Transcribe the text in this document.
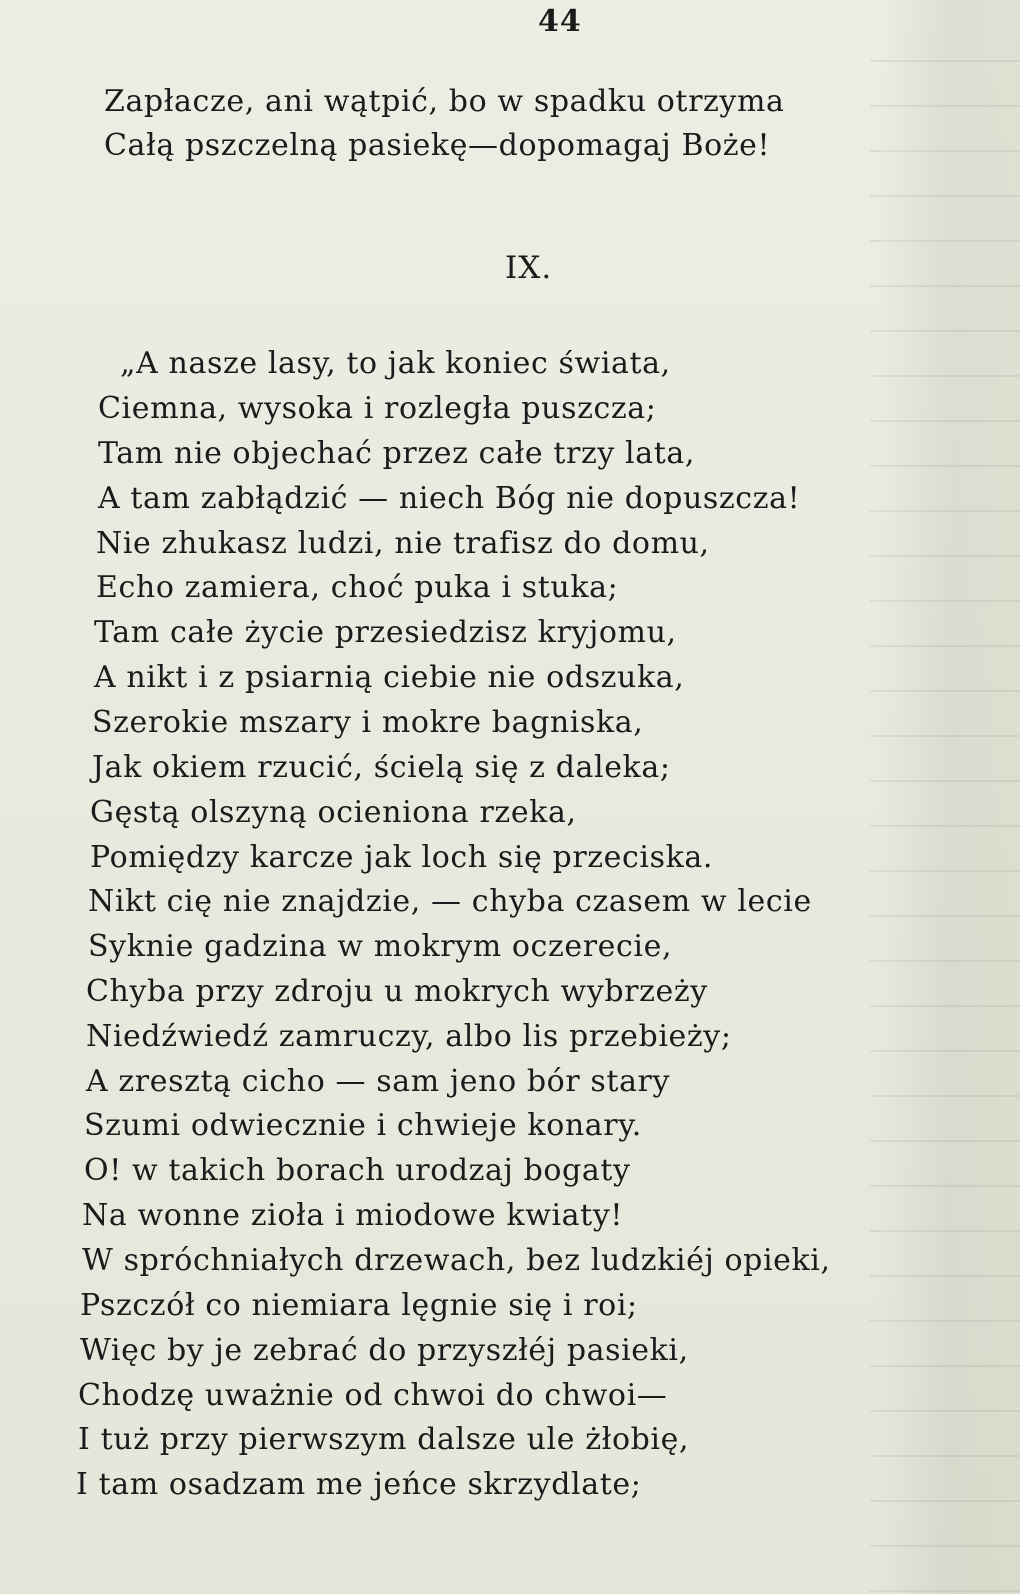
44
Zapłacze, ani wątpić, bo w spadku otrzyma
Całą pszczelną pasiekę—dopomagaj Boże!
IX.
„A nasze lasy, to jak koniec świata,
Ciemna, wysoka i rozległa puszcza;
Tam nie objechać przez całe trzy lata,
A tam zabłądzić — niech Bóg nie dopuszcza!
Nie zhukasz ludzi, nie trafisz do domu,
Echo zamiera, choć puka i stuka;
Tam całe życie przesiedzisz kryjomu,
A nikt i z psiarnią ciebie nie odszuka,
Szerokie mszary i mokre bagniska,
Jak okiem rzucić, ścielą się z daleka;
Gęstą olszyną ocieniona rzeka,
Pomiędzy karcze jak loch się przeciska.
Nikt cię nie znajdzie, — chyba czasem w lecie
Syknie gadzina w mokrym oczerecie,
Chyba przy zdroju u mokrych wybrzeży
Niedźwiedź zamruczy, albo lis przebieży;
A zresztą cicho — sam jeno bór stary
Szumi odwiecznie i chwieje konary.
O! w takich borach urodzaj bogaty
Na wonne zioła i miodowe kwiaty!
W spróchniałych drzewach, bez ludzkiéj opieki,
Pszczół co niemiara lęgnie się i roi;
Więc by je zebrać do przyszłéj pasieki,
Chodzę uważnie od chwoi do chwoi—
I tuż przy pierwszym dalsze ule żłobię,
I tam osadzam me jeńce skrzydlate;
